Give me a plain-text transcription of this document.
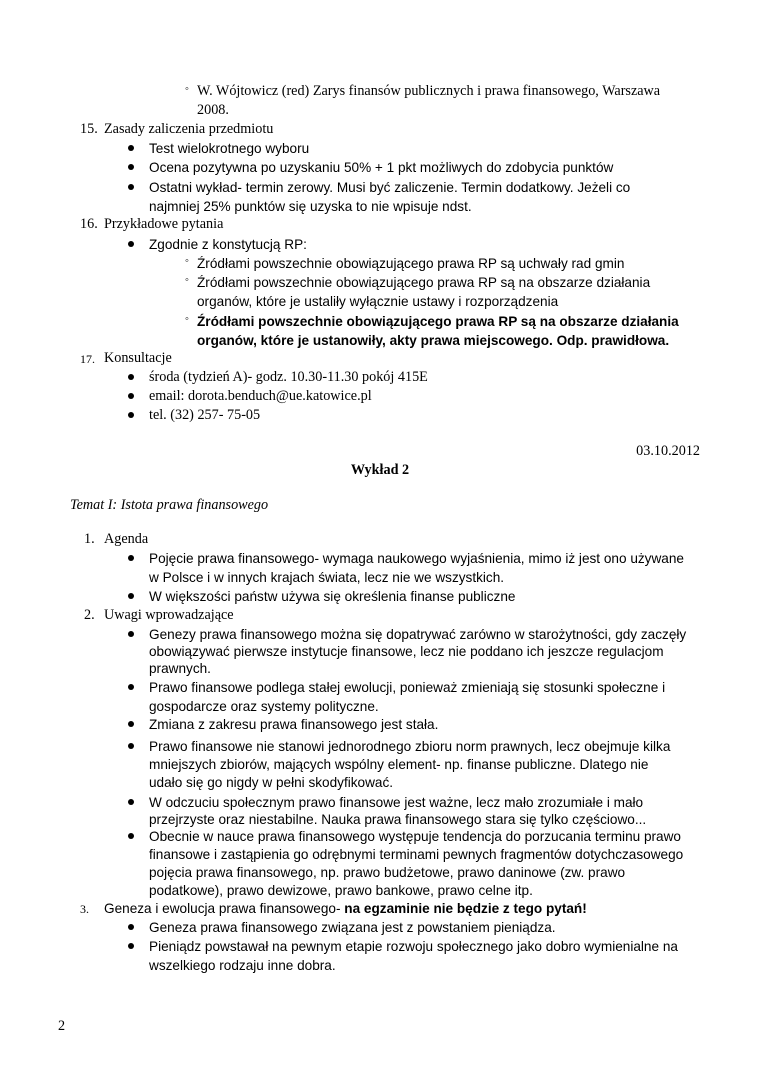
◦ W. Wójtowicz (red) Zarys finansów publicznych i prawa finansowego, Warszawa
2008.
15. Zasady zaliczenia przedmiotu
Test wielokrotnego wyboru
Ocena pozytywna po uzyskaniu 50% + 1 pkt możliwych do zdobycia punktów
Ostatni wykład- termin zerowy. Musi być zaliczenie. Termin dodatkowy. Jeżeli co
najmniej 25% punktów się uzyska to nie wpisuje ndst.
16. Przykładowe pytania
Zgodnie z konstytucją RP:
◦ Źródłami powszechnie obowiązującego prawa RP są uchwały rad gmin
◦ Źródłami powszechnie obowiązującego prawa RP są na obszarze działania
organów, które je ustaliły wyłącznie ustawy i rozporządzenia
◦ Źródłami powszechnie obowiązującego prawa RP są na obszarze działania
organów, które je ustanowiły, akty prawa miejscowego. Odp. prawidłowa.
17. Konsultacje
środa (tydzień A)- godz. 10.30-11.30 pokój 415E
email: dorota.benduch@ue.katowice.pl
tel. (32) 257- 75-05
03.10.2012
Wykład 2
Temat I: Istota prawa finansowego
1. Agenda
Pojęcie prawa finansowego- wymaga naukowego wyjaśnienia, mimo iż jest ono używane
w Polsce i w innych krajach świata, lecz nie we wszystkich.
W większości państw używa się określenia finanse publiczne
2. Uwagi wprowadzające
Genezy prawa finansowego można się dopatrywać zarówno w starożytności, gdy zaczęły
obowiązywać pierwsze instytucje finansowe, lecz nie poddano ich jeszcze regulacjom
prawnych.
Prawo finansowe podlega stałej ewolucji, ponieważ zmieniają się stosunki społeczne i
gospodarcze oraz systemy polityczne.
Zmiana z zakresu prawa finansowego jest stała.
Prawo finansowe nie stanowi jednorodnego zbioru norm prawnych, lecz obejmuje kilka
mniejszych zbiorów, mających wspólny element- np. finanse publiczne. Dlatego nie
udało się go nigdy w pełni skodyfikować.
W odczuciu społecznym prawo finansowe jest ważne, lecz mało zrozumiałe i mało
przejrzyste oraz niestabilne. Nauka prawa finansowego stara się tylko częściowo...
Obecnie w nauce prawa finansowego występuje tendencja do porzucania terminu prawo
finansowe i zastąpienia go odrębnymi terminami pewnych fragmentów dotychczasowego
pojęcia prawa finansowego, np. prawo budżetowe, prawo daninowe (zw. prawo
podatkowe), prawo dewizowe, prawo bankowe, prawo celne itp.
3. Geneza i ewolucja prawa finansowego- na egzaminie nie będzie z tego pytań!
Geneza prawa finansowego związana jest z powstaniem pieniądza.
Pieniądz powstawał na pewnym etapie rozwoju społecznego jako dobro wymienialne na
wszelkiego rodzaju inne dobra.
2
